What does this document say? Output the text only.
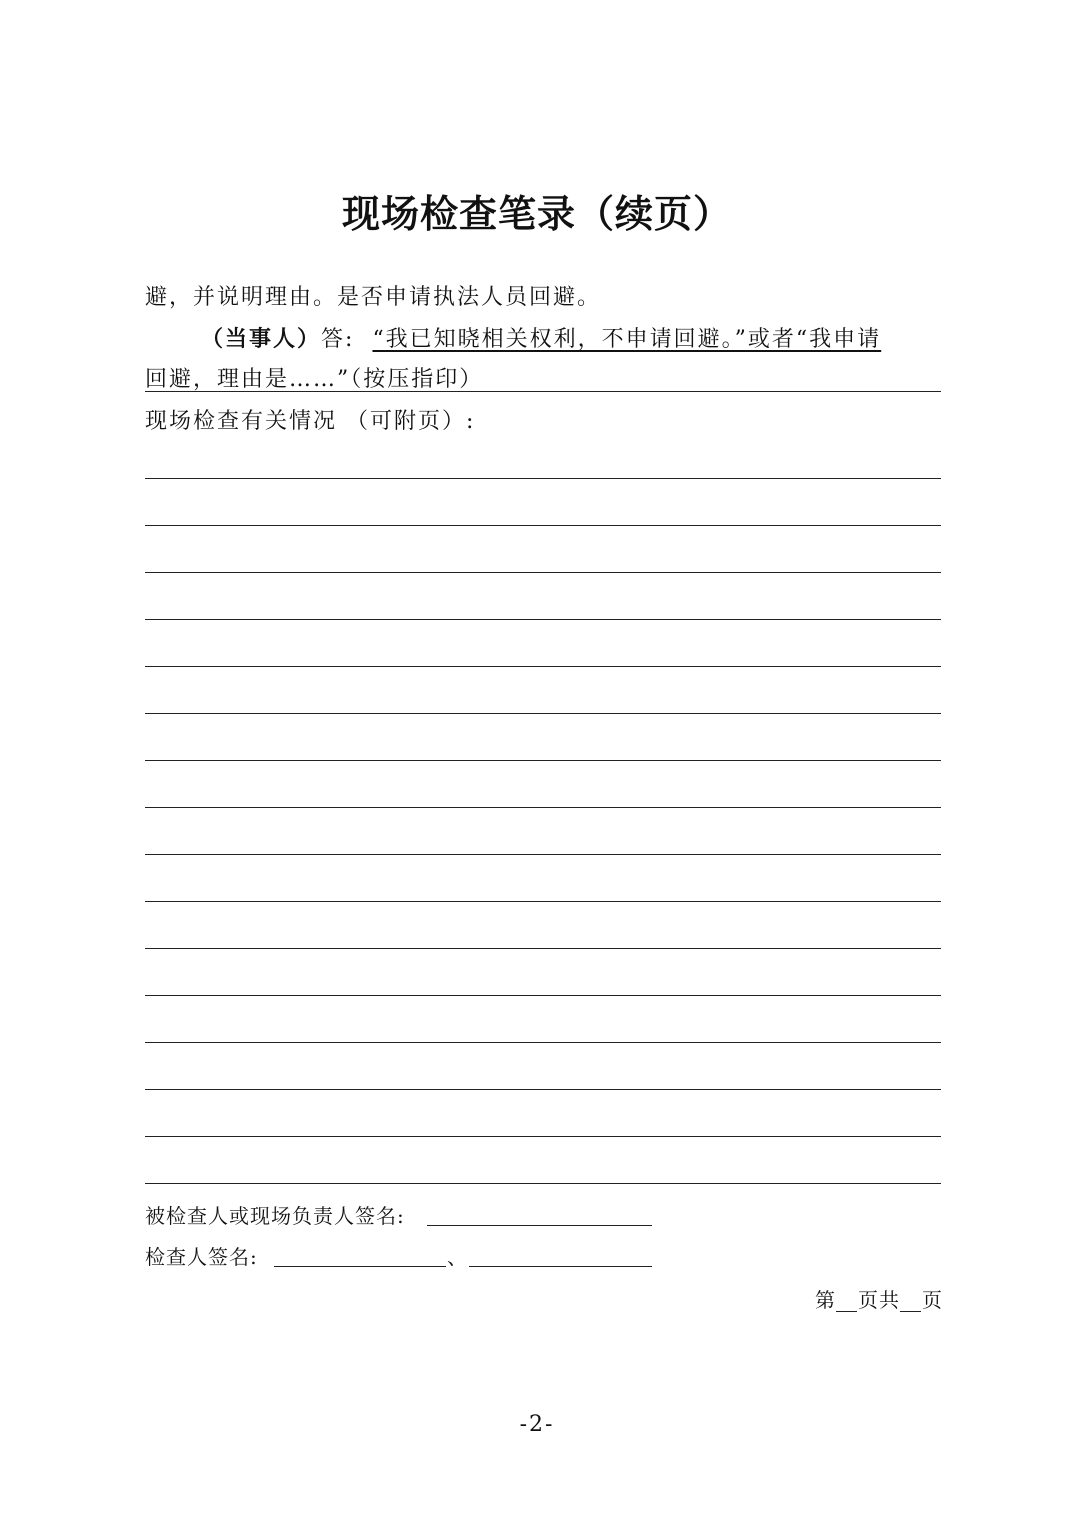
现场检查笔录（续页）
避，并说明理由。是否申请执法人员回避。
（当事人）答: “我已知晓相关权利，不申请回避。”或者“我申请
回避，理由是……”（按压指印）
现场检查有关情况 （可附页）:
被检查人或现场负责人签名:
检查人签名:	、
第 页共 页
-2-
